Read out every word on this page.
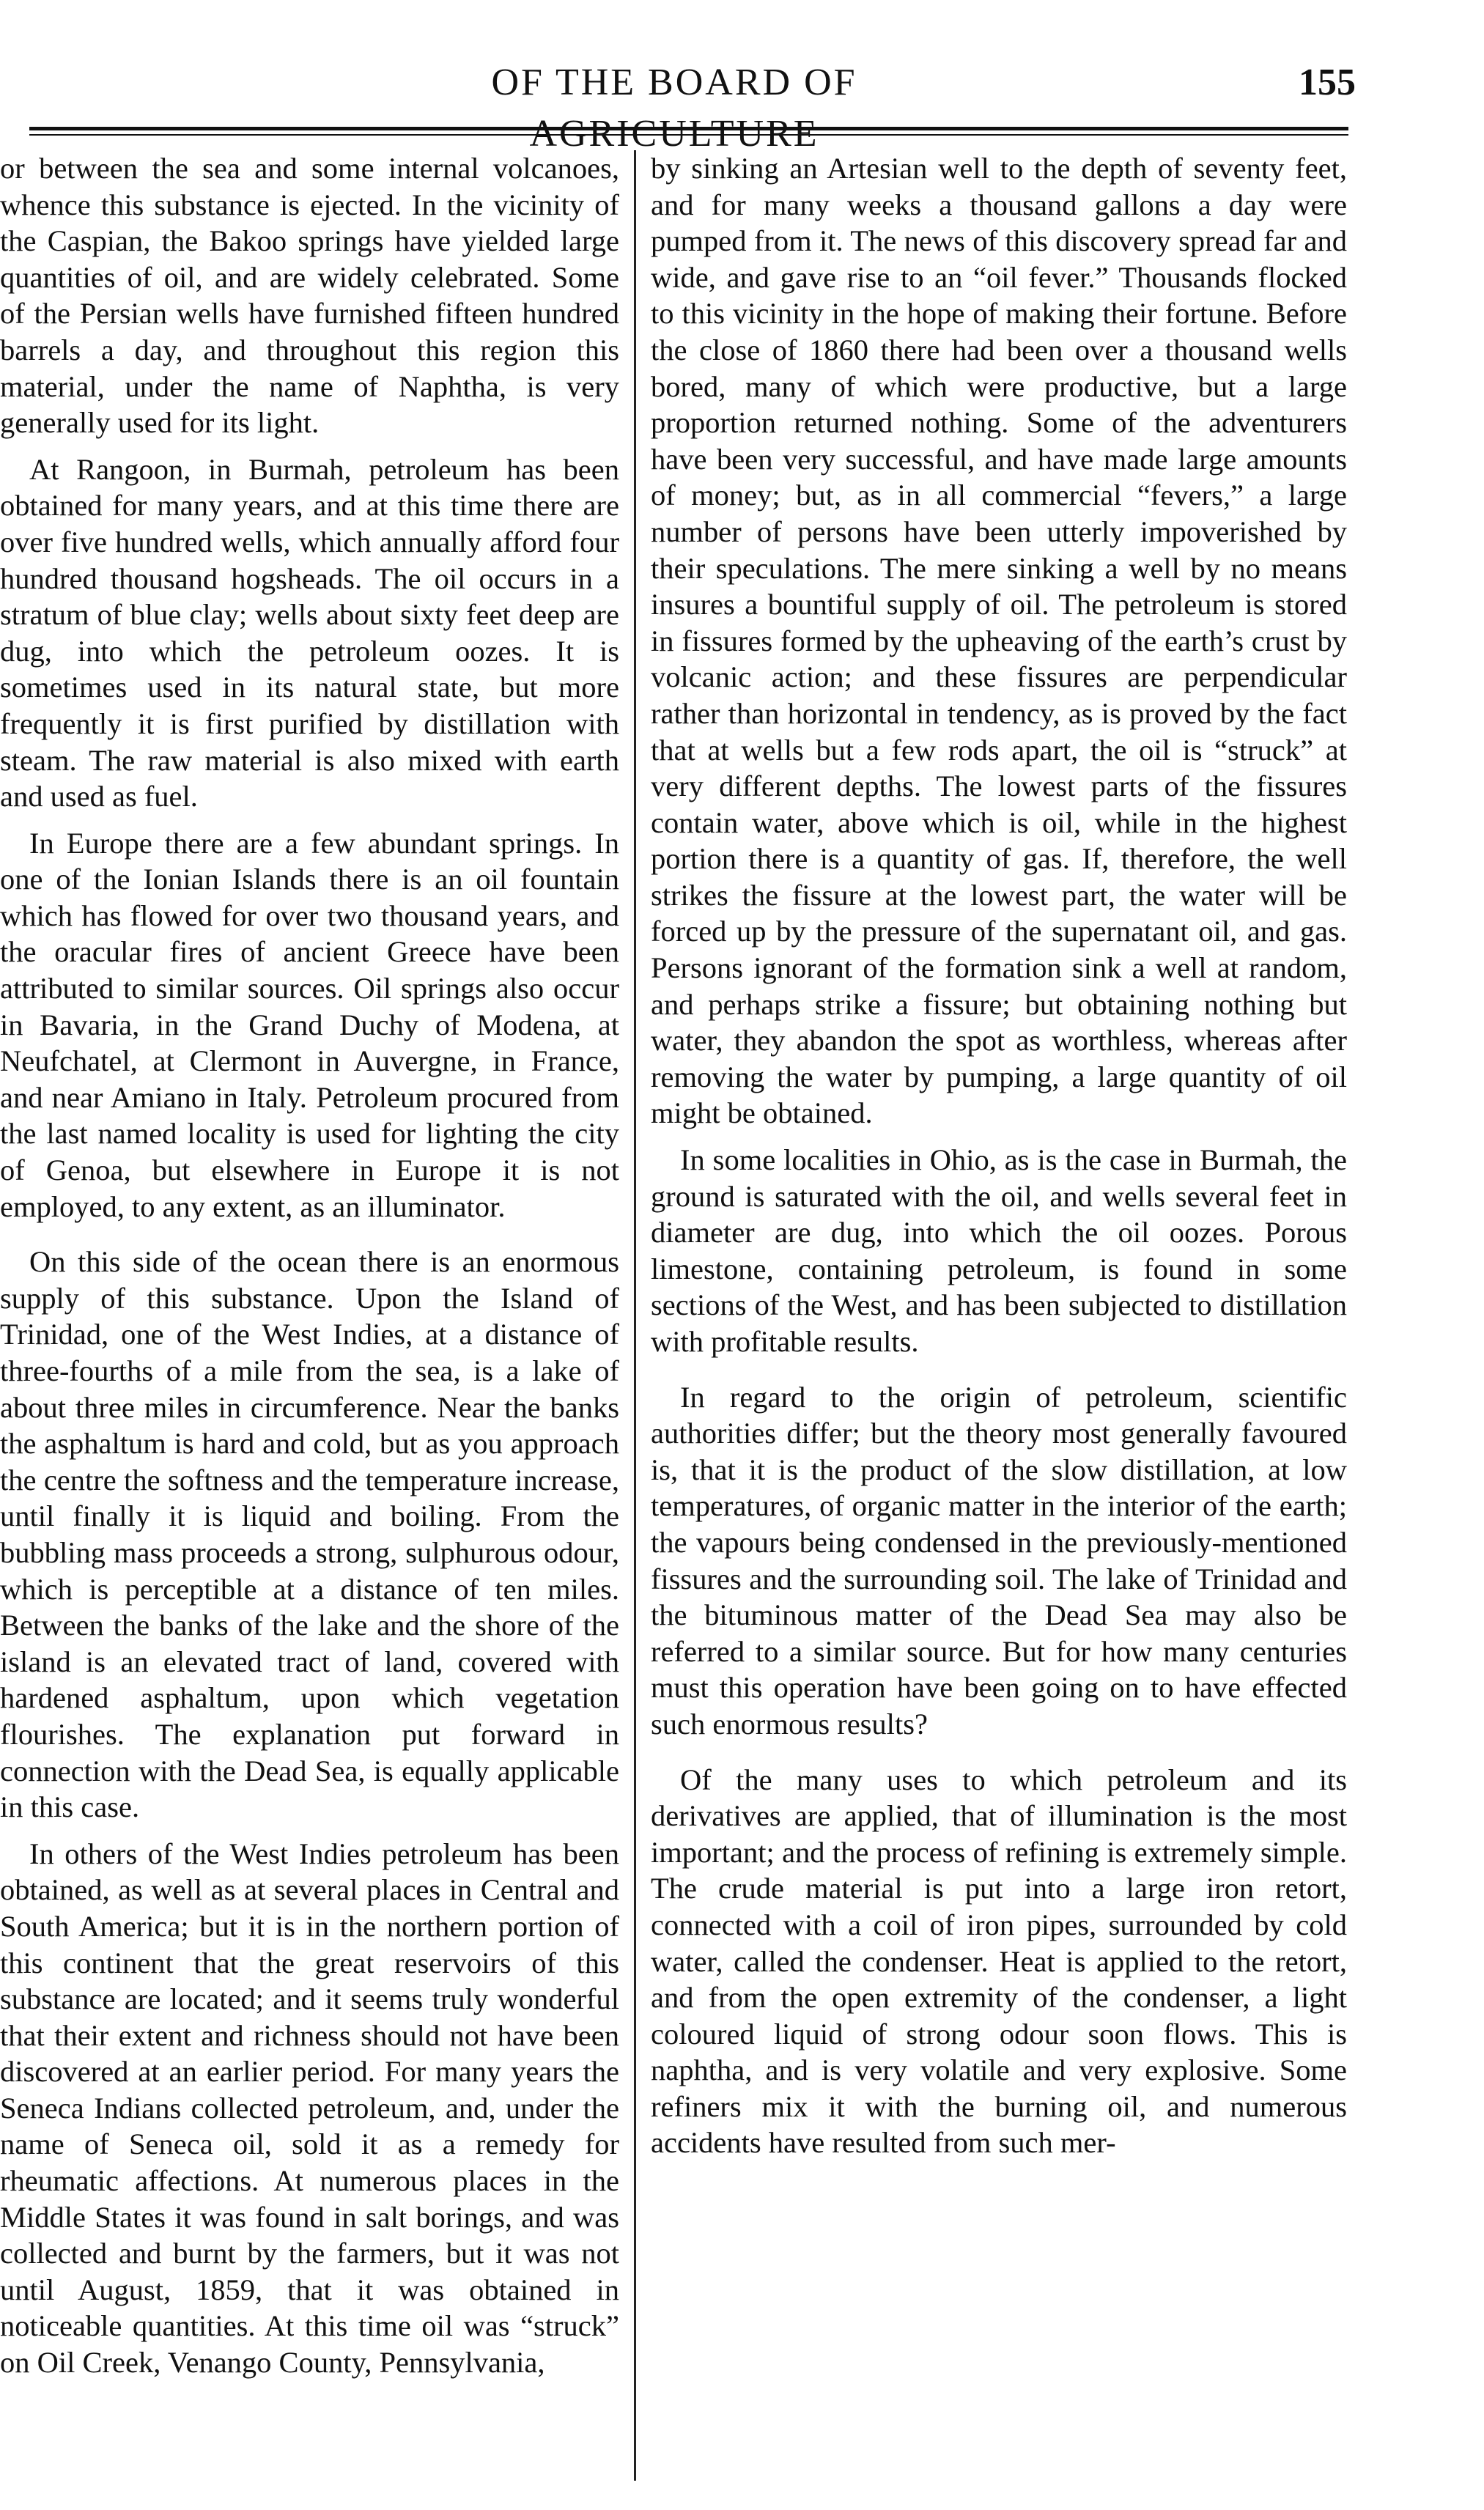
OF THE BOARD OF AGRICULTURE
155

or between the sea and some internal volcanoes, whence this substance is ejected. In the vicinity of the Caspian, the Bakoo springs have yielded large quantities of oil, and are widely celebrated. Some of the Persian wells have furnished fifteen hundred barrels a day, and throughout this region this material, under the name of Naphtha, is very generally used for its light.

At Rangoon, in Burmah, petroleum has been obtained for many years, and at this time there are over five hundred wells, which annually afford four hundred thousand hogsheads. The oil occurs in a stratum of blue clay; wells about sixty feet deep are dug, into which the petroleum oozes. It is sometimes used in its natural state, but more frequently it is first purified by distillation with steam. The raw material is also mixed with earth and used as fuel.

In Europe there are a few abundant springs. In one of the Ionian Islands there is an oil fountain which has flowed for over two thousand years, and the oracular fires of ancient Greece have been attributed to similar sources. Oil springs also occur in Bavaria, in the Grand Duchy of Modena, at Neufchatel, at Clermont in Auvergne, in France, and near Amiano in Italy. Petroleum procured from the last named locality is used for lighting the city of Genoa, but elsewhere in Europe it is not employed, to any extent, as an illuminator.

On this side of the ocean there is an enormous supply of this substance. Upon the Island of Trinidad, one of the West Indies, at a distance of three-fourths of a mile from the sea, is a lake of about three miles in circumference. Near the banks the asphaltum is hard and cold, but as you approach the centre the softness and the temperature increase, until finally it is liquid and boiling. From the bubbling mass proceeds a strong, sulphurous odour, which is perceptible at a distance of ten miles. Between the banks of the lake and the shore of the island is an elevated tract of land, covered with hardened asphaltum, upon which vegetation flourishes. The explanation put forward in connection with the Dead Sea, is equally applicable in this case.

In others of the West Indies petroleum has been obtained, as well as at several places in Central and South America; but it is in the northern portion of this continent that the great reservoirs of this substance are located; and it seems truly wonderful that their extent and richness should not have been discovered at an earlier period. For many years the Seneca Indians collected petroleum, and, under the name of Seneca oil, sold it as a remedy for rheumatic affections. At numerous places in the Middle States it was found in salt borings, and was collected and burnt by the farmers, but it was not until August, 1859, that it was obtained in noticeable quantities. At this time oil was “struck” on Oil Creek, Venango County, Pennsylvania,

by sinking an Artesian well to the depth of seventy feet, and for many weeks a thousand gallons a day were pumped from it. The news of this discovery spread far and wide, and gave rise to an “oil fever.” Thousands flocked to this vicinity in the hope of making their fortune. Before the close of 1860 there had been over a thousand wells bored, many of which were productive, but a large proportion returned nothing. Some of the adventurers have been very successful, and have made large amounts of money; but, as in all commercial “fevers,” a large number of persons have been utterly impoverished by their speculations. The mere sinking a well by no means insures a bountiful supply of oil. The petroleum is stored in fissures formed by the upheaving of the earth’s crust by volcanic action; and these fissures are perpendicular rather than horizontal in tendency, as is proved by the fact that at wells but a few rods apart, the oil is “struck” at very different depths. The lowest parts of the fissures contain water, above which is oil, while in the highest portion there is a quantity of gas. If, therefore, the well strikes the fissure at the lowest part, the water will be forced up by the pressure of the supernatant oil, and gas. Persons ignorant of the formation sink a well at random, and perhaps strike a fissure; but obtaining nothing but water, they abandon the spot as worthless, whereas after removing the water by pumping, a large quantity of oil might be obtained.

In some localities in Ohio, as is the case in Burmah, the ground is saturated with the oil, and wells several feet in diameter are dug, into which the oil oozes. Porous limestone, containing petroleum, is found in some sections of the West, and has been subjected to distillation with profitable results.

In regard to the origin of petroleum, scientific authorities differ; but the theory most generally favoured is, that it is the product of the slow distillation, at low temperatures, of organic matter in the interior of the earth; the vapours being condensed in the previously-mentioned fissures and the surrounding soil. The lake of Trinidad and the bituminous matter of the Dead Sea may also be referred to a similar source. But for how many centuries must this operation have been going on to have effected such enormous results?

Of the many uses to which petroleum and its derivatives are applied, that of illumination is the most important; and the process of refining is extremely simple. The crude material is put into a large iron retort, connected with a coil of iron pipes, surrounded by cold water, called the condenser. Heat is applied to the retort, and from the open extremity of the condenser, a light coloured liquid of strong odour soon flows. This is naphtha, and is very volatile and very explosive. Some refiners mix it with the burning oil, and numerous accidents have resulted from such mer-
